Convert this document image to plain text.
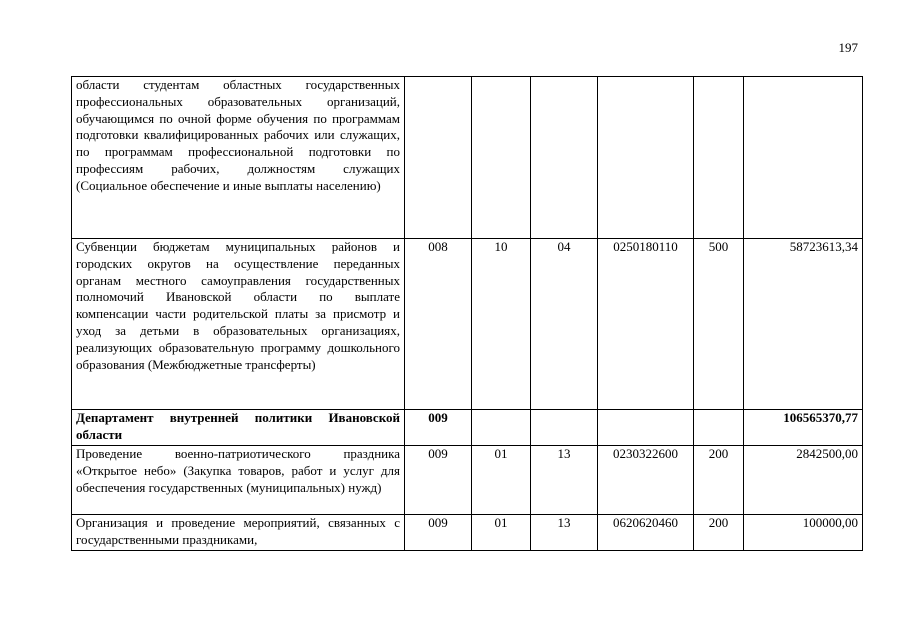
197
области студентам областных государственных профессиональных образовательных организаций, обучающимся по очной форме обучения по программам подготовки квалифицированных рабочих или служащих, по программам профессиональной подготовки по профессиям рабочих, должностям служащих (Социальное обеспечение и иные выплаты населению)						
Субвенции бюджетам муниципальных районов и городских округов на осуществление переданных органам местного самоуправления государственных полномочий Ивановской области по выплате компенсации части родительской платы за присмотр и уход за детьми в образовательных организациях, реализующих образовательную программу дошкольного образования (Межбюджетные трансферты)	008	10	04	0250180110	500	58723613,34
Департамент внутренней политики Ивановской области	009					106565370,77
Проведение военно-патриотического праздника «Открытое небо» (Закупка товаров, работ и услуг для обеспечения государственных (муниципальных) нужд)	009	01	13	0230322600	200	2842500,00
Организация и проведение мероприятий, связанных с государственными праздниками,	009	01	13	0620620460	200	100000,00
